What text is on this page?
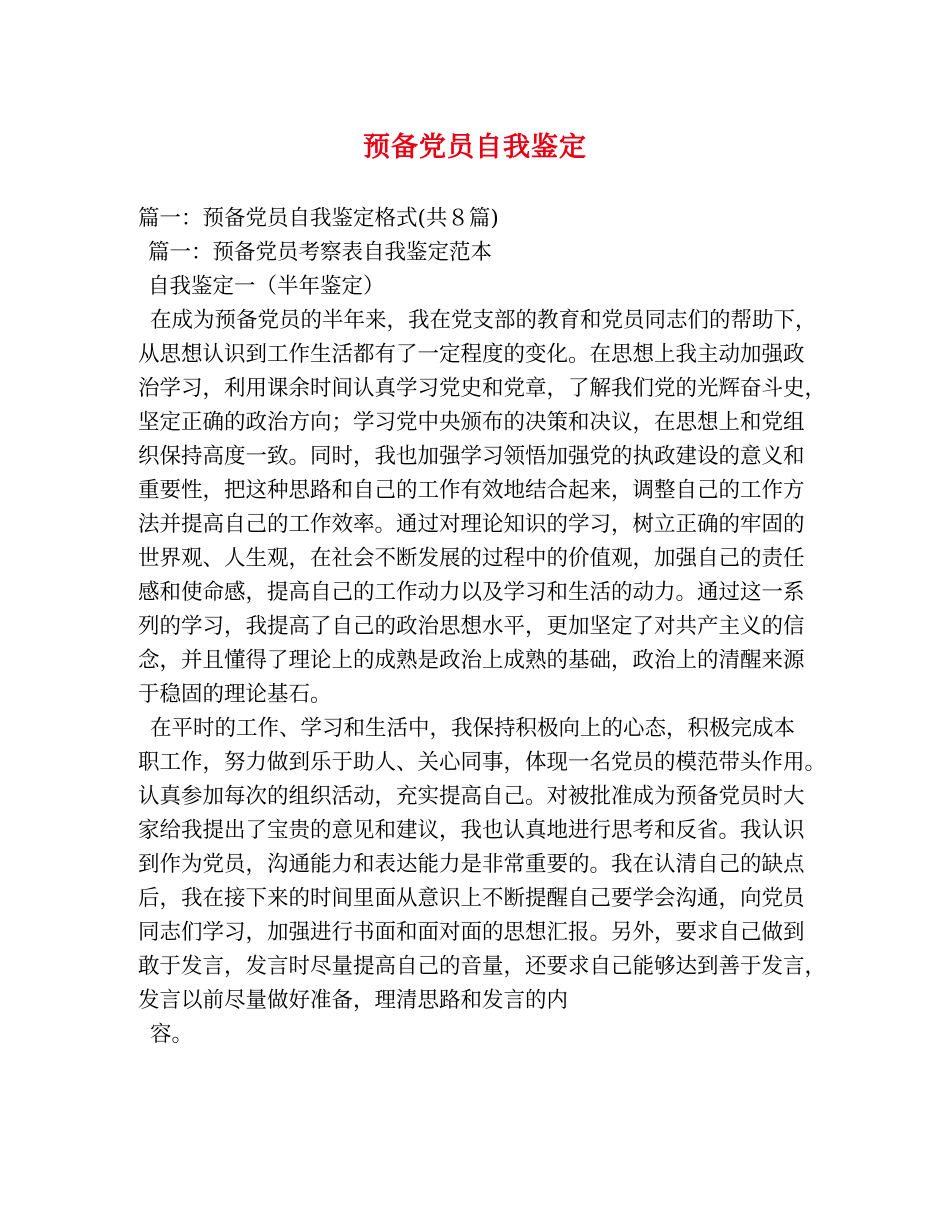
预备党员自我鉴定
篇一：预备党员自我鉴定格式(共８篇)
篇一：预备党员考察表自我鉴定范本
自我鉴定一（半年鉴定）
在成为预备党员的半年来，我在党支部的教育和党员同志们的帮助下，
从思想认识到工作生活都有了一定程度的变化。在思想上我主动加强政
治学习，利用课余时间认真学习党史和党章，了解我们党的光辉奋斗史，
坚定正确的政治方向；学习党中央颁布的决策和决议，在思想上和党组
织保持高度一致。同时，我也加强学习领悟加强党的执政建设的意义和
重要性，把这种思路和自己的工作有效地结合起来，调整自己的工作方
法并提高自己的工作效率。通过对理论知识的学习，树立正确的牢固的
世界观、人生观，在社会不断发展的过程中的价值观，加强自己的责任
感和使命感，提高自己的工作动力以及学习和生活的动力。通过这一系
列的学习，我提高了自己的政治思想水平，更加坚定了对共产主义的信
念，并且懂得了理论上的成熟是政治上成熟的基础，政治上的清醒来源
于稳固的理论基石。
在平时的工作、学习和生活中，我保持积极向上的心态，积极完成本
职工作，努力做到乐于助人、关心同事，体现一名党员的模范带头作用。
认真参加每次的组织活动，充实提高自己。对被批准成为预备党员时大
家给我提出了宝贵的意见和建议，我也认真地进行思考和反省。我认识
到作为党员，沟通能力和表达能力是非常重要的。我在认清自己的缺点
后，我在接下来的时间里面从意识上不断提醒自己要学会沟通，向党员
同志们学习，加强进行书面和面对面的思想汇报。另外，要求自己做到
敢于发言，发言时尽量提高自己的音量，还要求自己能够达到善于发言，
发言以前尽量做好准备，理清思路和发言的内
容。
